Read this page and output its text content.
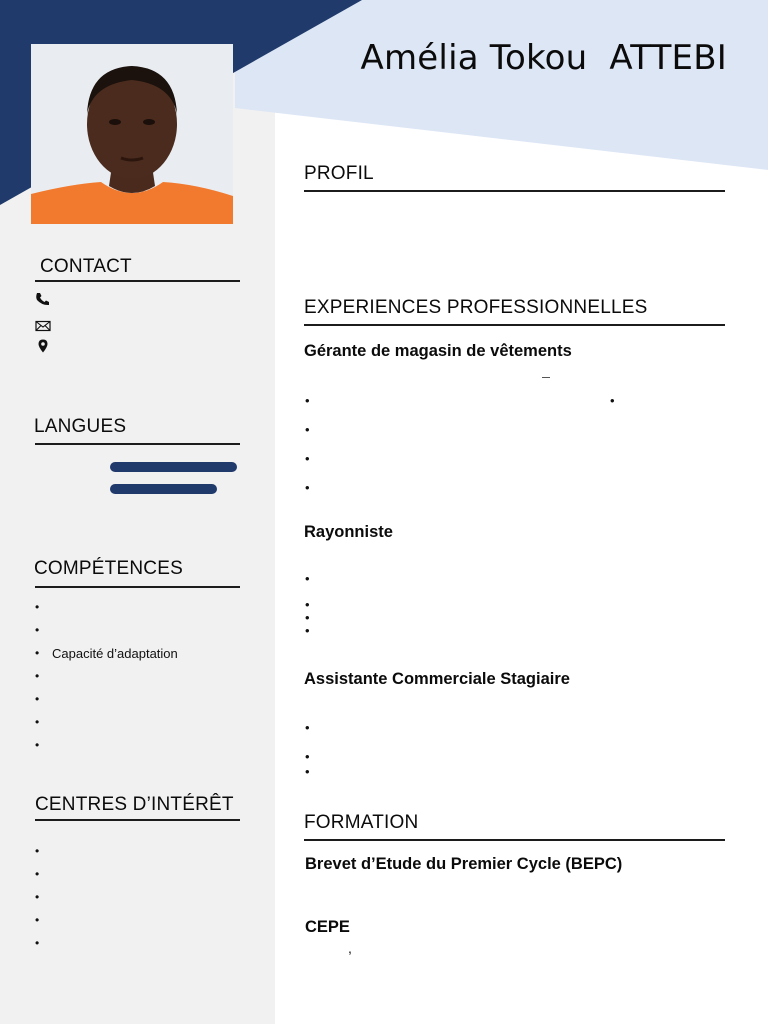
Amélia Tokou  ATTEBI
CONTACT
LANGUES
COMPÉTENCES
•
•
• Capacité d’adaptation
•
•
•
•
CENTRES D’INTÉRÊT
•
•
•
•
•
PROFIL
EXPERIENCES PROFESSIONNELLES
Gérante de magasin de vêtements
•
•
•
•
•
Rayonniste
•
•
•
•
Assistante Commerciale Stagiaire
•
•
•
FORMATION
Brevet d’Etude du Premier Cycle (BEPC)
CEPE
,
